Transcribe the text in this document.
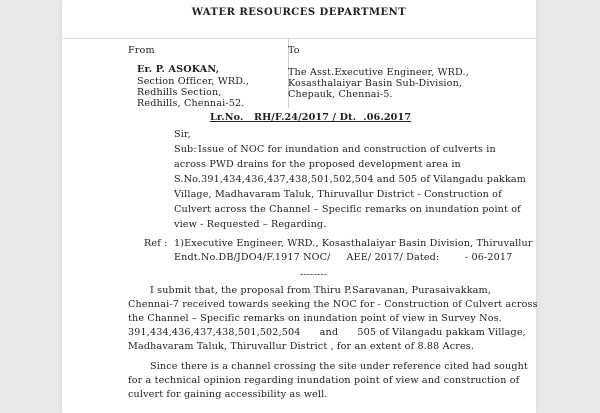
WATER RESOURCES DEPARTMENT
From
Er. P. ASOKAN,
Section Officer, WRD.,
Redhills Section,
Redhills, Chennai-52.
To
The Asst.Executive Engineer, WRD.,
Kosasthalaiyar Basin Sub-Division,
Chepauk, Chennai-5.
Lr.No.   RH/F.24/2017 / Dt.  .06.2017
Sir,
Sub: Issue of NOC for inundation and construction of culverts in
across PWD drains for the proposed development area in
S.No.391,434,436,437,438,501,502,504 and 505 of Vilangadu pakkam
Village, Madhavaram Taluk, Thiruvallur District - Construction of
Culvert across the Channel – Specific remarks on inundation point of
view - Requested – Regarding.
Ref : 1)Executive Engineer, WRD., Kosasthalaiyar Basin Division, Thiruvallur
Endt.No.DB/JDO4/F.1917 NOC/     AEE/ 2017/ Dated:        - 06-2017
--------
I submit that, the proposal from Thiru P.Saravanan, Purasaivakkam,
Chennai-7 received towards seeking the NOC for - Construction of Culvert across
the Channel – Specific remarks on inundation point of view in Survey Nos.
391,434,436,437,438,501,502,504      and      505 of Vilangadu pakkam Village,
Madhavaram Taluk, Thiruvallur District , for an extent of 8.88 Acres.
Since there is a channel crossing the site under reference cited had sought
for a technical opinion regarding inundation point of view and construction of
culvert for gaining accessibility as well.
